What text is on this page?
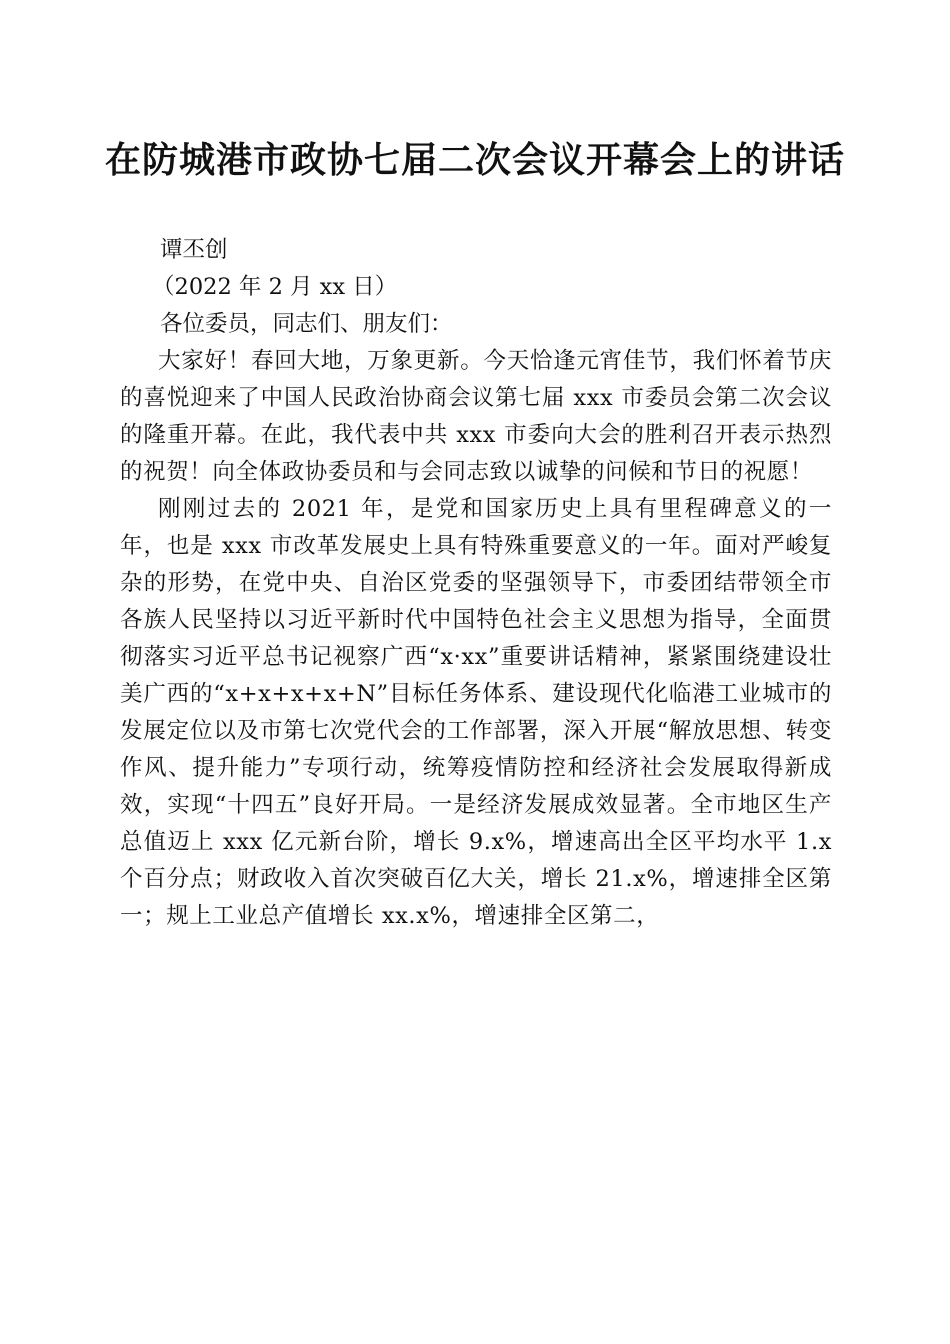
在防城港市政协七届二次会议开幕会上的讲话

谭丕创

（2022 年 2 月 xx 日）

各位委员，同志们、朋友们：

大家好！春回大地，万象更新。今天恰逢元宵佳节，我们怀着节庆的喜悦迎来了中国人民政治协商会议第七届 xxx 市委员会第二次会议的隆重开幕。在此，我代表中共 xxx 市委向大会的胜利召开表示热烈的祝贺！向全体政协委员和与会同志致以诚挚的问候和节日的祝愿！

刚刚过去的 2021 年，是党和国家历史上具有里程碑意义的一年，也是 xxx 市改革发展史上具有特殊重要意义的一年。面对严峻复杂的形势，在党中央、自治区党委的坚强领导下，市委团结带领全市各族人民坚持以习近平新时代中国特色社会主义思想为指导，全面贯彻落实习近平总书记视察广西“x·xx”重要讲话精神，紧紧围绕建设壮美广西的“x+x+x+x+N”目标任务体系、建设现代化临港工业城市的发展定位以及市第七次党代会的工作部署，深入开展“解放思想、转变作风、提升能力”专项行动，统筹疫情防控和经济社会发展取得新成效，实现“十四五”良好开局。一是经济发展成效显著。全市地区生产总值迈上 xxx 亿元新台阶，增长 9.x%，增速高出全区平均水平 1.x 个百分点；财政收入首次突破百亿大关，增长 21.x%，增速排全区第一；规上工业总产值增长 xx.x%，增速排全区第二，
